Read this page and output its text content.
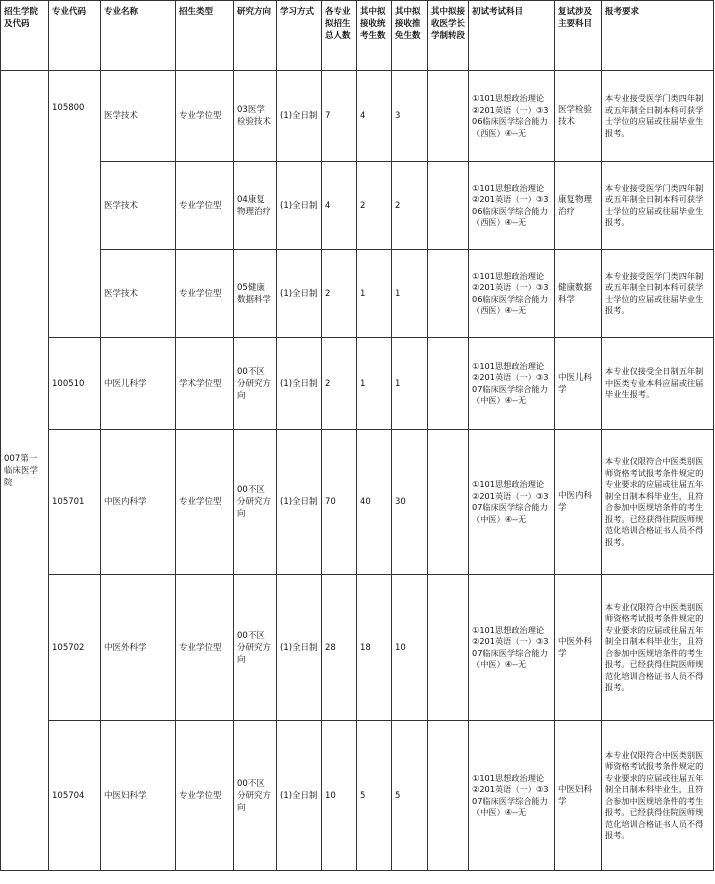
招生学院及代码	专业代码	专业名称	招生类型	研究方向	学习方式	各专业拟招生总人数	其中拟接收统考生数	其中拟接收推免生数	其中拟接收医学长学制转段	初试考试科目	复试涉及主要科目	报考要求
007第一临床医学院	105800	医学技术	专业学位型	03医学检验技术	(1)全日制	7	4	3		①101思想政治理论②201英语（一）③306临床医学综合能力（西医）④--无	医学检验技术	本专业接受医学门类四年制或五年制全日制本科可获学士学位的应届或往届毕业生报考。
		医学技术	专业学位型	04康复物理治疗	(1)全日制	4	2	2		①101思想政治理论②201英语（一）③306临床医学综合能力（西医）④--无	康复物理治疗	本专业接受医学门类四年制或五年制全日制本科可获学士学位的应届或往届毕业生报考。
		医学技术	专业学位型	05健康数据科学	(1)全日制	2	1	1		①101思想政治理论②201英语（一）③306临床医学综合能力（西医）④--无	健康数据科学	本专业接受医学门类四年制或五年制全日制本科可获学士学位的应届或往届毕业生报考。
	100510	中医儿科学	学术学位型	00不区分研究方向	(1)全日制	2	1	1		①101思想政治理论②201英语（一）③307临床医学综合能力（中医）④--无	中医儿科学	本专业仅接受全日制五年制中医类专业本科应届或往届毕业生报考。
	105701	中医内科学	专业学位型	00不区分研究方向	(1)全日制	70	40	30		①101思想政治理论②201英语（一）③307临床医学综合能力（中医）④--无	中医内科学	本专业仅限符合中医类别医师资格考试报考条件规定的专业要求的应届或往届五年制全日制本科毕业生，且符合参加中医规培条件的考生报考。已经获得住院医师规范化培训合格证书人员不得报考。
	105702	中医外科学	专业学位型	00不区分研究方向	(1)全日制	28	18	10		①101思想政治理论②201英语（一）③307临床医学综合能力（中医）④--无	中医外科学	本专业仅限符合中医类别医师资格考试报考条件规定的专业要求的应届或往届五年制全日制本科毕业生，且符合参加中医规培条件的考生报考。已经获得住院医师规范化培训合格证书人员不得报考。
	105704	中医妇科学	专业学位型	00不区分研究方向	(1)全日制	10	5	5		①101思想政治理论②201英语（一）③307临床医学综合能力（中医）④--无	中医妇科学	本专业仅限符合中医类别医师资格考试报考条件规定的专业要求的应届或往届五年制全日制本科毕业生，且符合参加中医规培条件的考生报考。已经获得住院医师规范化培训合格证书人员不得报考。
